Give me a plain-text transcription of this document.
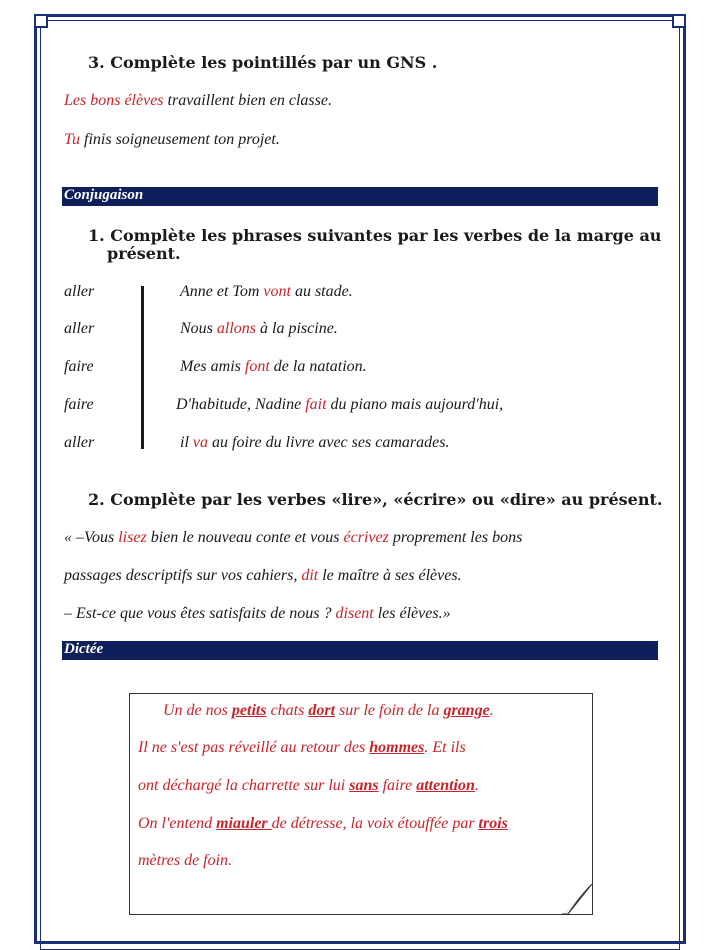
3. Complète les pointillés par un GNS .
Les bons élèves travaillent bien en classe.
Tu finis soigneusement ton projet.
Conjugaison
1. Complète les phrases suivantes par les verbes de la marge au
présent.
aller	Anne et Tom vont au stade.
aller	Nous allons à la piscine.
faire	Mes amis font de la natation.
faire	D'habitude, Nadine fait du piano mais aujourd'hui,
aller	il va au foire du livre avec ses camarades.
2. Complète par les verbes «lire», «écrire» ou «dire» au présent.
« –Vous lisez bien le nouveau conte et vous écrivez proprement les bons
passages descriptifs sur vos cahiers, dit le maître à ses élèves.
– Est-ce que vous êtes satisfaits de nous ? disent les élèves.»
Dictée
Un de nos petits chats dort sur le foin de la grange.
Il ne s'est pas réveillé au retour des hommes. Et ils
ont déchargé la charrette sur lui sans faire attention.
On l'entend miauler de détresse, la voix étouffée par trois
mètres de foin.
